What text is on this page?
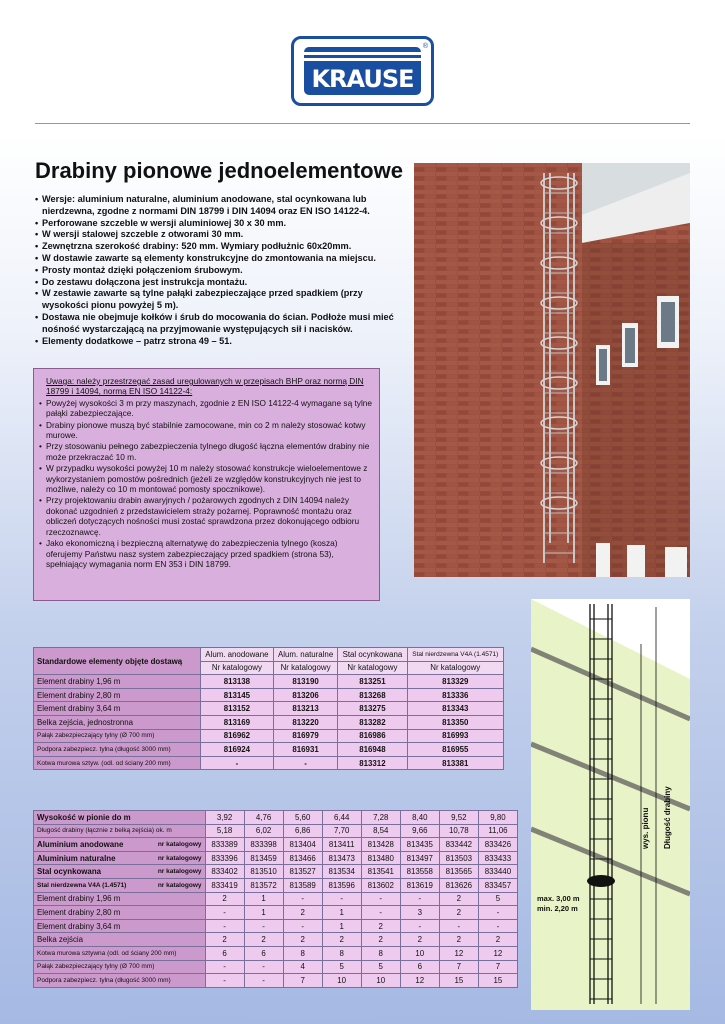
KRAUSE
®
Drabiny pionowe jednoelementowe
• Wersje: aluminium naturalne, aluminium anodowane, stal ocynkowana lub nierdzewna, zgodne z normami DIN 18799 i DIN 14094 oraz EN ISO 14122-4.
• Perforowane szczeble w wersji aluminiowej 30 x 30 mm.
• W wersji stalowej szczeble z otworami 30 mm.
• Zewnętrzna szerokość drabiny: 520 mm. Wymiary podłużnic 60x20mm.
• W dostawie zawarte są elementy konstrukcyjne do zmontowania na miejscu.
• Prosty montaż dzięki połączeniom śrubowym.
• Do zestawu dołączona jest instrukcja montażu.
• W zestawie zawarte są tylne pałąki zabezpieczające przed spadkiem (przy wysokości pionu powyżej 5 m).
• Dostawa nie obejmuje kołków i śrub do mocowania do ścian. Podłoże musi mieć nośność wystarczającą na przyjmowanie występujących sił i nacisków.
• Elementy dodatkowe – patrz strona 49 – 51.
Uwaga: należy przestrzegać zasad uregulowanych w przepisach BHP oraz normą DIN 18799 i 14094, normą EN ISO 14122-4:
• Powyżej wysokości 3 m przy maszynach, zgodnie z EN ISO 14122-4 wymagane są tylne pałąki zabezpieczające.
• Drabiny pionowe muszą być stabilnie zamocowane, min co 2 m należy stosować kotwy murowe.
• Przy stosowaniu pełnego zabezpieczenia tylnego długość łączna elementów drabiny nie może przekraczać 10 m.
• W przypadku wysokości powyżej 10 m należy stosować konstrukcje wieloelementowe z wykorzystaniem pomostów pośrednich (jeżeli ze względów konstrukcyjnych nie jest to możliwe, należy co 10 m montować pomosty spocznikowe).
• Przy projektowaniu drabin awaryjnych / pożarowych zgodnych z DIN 14094 należy dokonać uzgodnień z przedstawicielem straży pożarnej. Poprawność montażu oraz obliczeń dotyczących nośności musi zostać sprawdzona przez dokonującego odbioru rzeczoznawcę.
• Jako ekonomiczną i bezpieczną alternatywę do zabezpieczenia tylnego (kosza) oferujemy Państwu nasz system zabezpieczający przed spadkiem (strona 53), spełniający wymagania norm EN 353 i DIN 18799.
Standardowe elementy objęte dostawą	Alum. anodowane	Alum. naturalne	Stal ocynkowana	Stal nierdzewna V4A (1.4571)
	Nr katalogowy	Nr katalogowy	Nr katalogowy	Nr katalogowy
Element drabiny 1,96 m	813138	813190	813251	813329
Element drabiny 2,80 m	813145	813206	813268	813336
Element drabiny 3,64 m	813152	813213	813275	813343
Belka zejścia, jednostronna	813169	813220	813282	813350
Pałąk zabezpieczający tylny (Ø 700 mm)	816962	816979	816986	816993
Podpora zabezpiecz. tylna (długość 3000 mm)	816924	816931	816948	816955
Kotwa murowa sztyw. (odl. od ściany 200 mm)	-	-	813312	813381
Wysokość w pionie do m		3,92	4,76	5,60	6,44	7,28	8,40	9,52	9,80
Długość drabiny (łącznie z belką zejścia) ok. m		5,18	6,02	6,86	7,70	8,54	9,66	10,78	11,06
Aluminium anodowane	nr katalogowy	833389	833398	813404	813411	813428	813435	833442	833426
Aluminium naturalne	nr katalogowy	833396	813459	813466	813473	813480	813497	813503	833433
Stal ocynkowana	nr katalogowy	833402	813510	813527	813534	813541	813558	813565	833440
Stal nierdzewna V4A (1.4571)	nr katalogowy	833419	813572	813589	813596	813602	813619	813626	833457
Element drabiny 1,96 m		2	1	-	-	-	-	2	5
Element drabiny 2,80 m		-	1	2	1	-	3	2	-
Element drabiny 3,64 m		-	-	-	1	2	-	-	-
Belka zejścia		2	2	2	2	2	2	2	2
Kotwa murowa sztywna (odl. od ściany 200 mm)		6	6	8	8	8	10	12	12
Pałąk zabezpieczający tylny (Ø 700 mm)		-	-	4	5	5	6	7	7
Podpora zabezpiecz. tylna (długość 3000 mm)		-	-	7	10	10	12	15	15
wys. pionu Długość drabiny
max. 3,00 m
min. 2,20 m
